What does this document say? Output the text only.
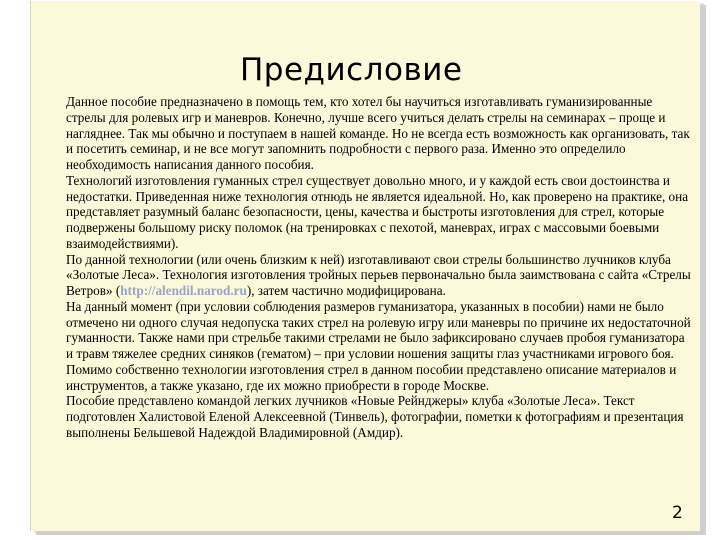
Предисловие

Данное пособие предназначено в помощь тем, кто хотел бы научиться изготавливать гуманизированные стрелы для ролевых игр и маневров. Конечно, лучше всего учиться делать стрелы на семинарах – проще и нагляднее. Так мы обычно и поступаем в нашей команде. Но не всегда есть возможность как организовать, так и посетить семинар, и не все могут запомнить подробности с первого раза. Именно это определило необходимость написания данного пособия.

Технологий изготовления гуманных стрел существует довольно много, и у каждой есть свои достоинства и недостатки. Приведенная ниже технология отнюдь не является идеальной. Но, как проверено на практике, она представляет разумный баланс безопасности, цены, качества и быстроты изготовления для стрел, которые подвержены большому риску поломок (на тренировках с пехотой, маневрах, играх с массовыми боевыми взаимодействиями).

По данной технологии (или очень близким к ней) изготавливают свои стрелы большинство лучников клуба «Золотые Леса». Технология изготовления тройных перьев первоначально была заимствована с сайта «Стрелы Ветров» (http://alendil.narod.ru), затем частично модифицирована.

На данный момент (при условии соблюдения размеров гуманизатора, указанных в пособии) нами не было отмечено ни одного случая недопуска таких стрел на ролевую игру или маневры по причине их недостаточной гуманности. Также нами при стрельбе такими стрелами не было зафиксировано случаев пробоя гуманизатора и травм тяжелее средних синяков (гематом) – при условии ношения защиты глаз участниками игрового боя.

Помимо собственно технологии изготовления стрел в данном пособии представлено описание материалов и инструментов, а также указано, где их можно приобрести в городе Москве.

Пособие представлено командой легких лучников «Новые Рейнджеры» клуба «Золотые Леса». Текст подготовлен Халистовой Еленой Алексеевной (Тинвель), фотографии, пометки к фотографиям и презентация выполнены Бельшевой Надеждой Владимировной (Амдир).

2
